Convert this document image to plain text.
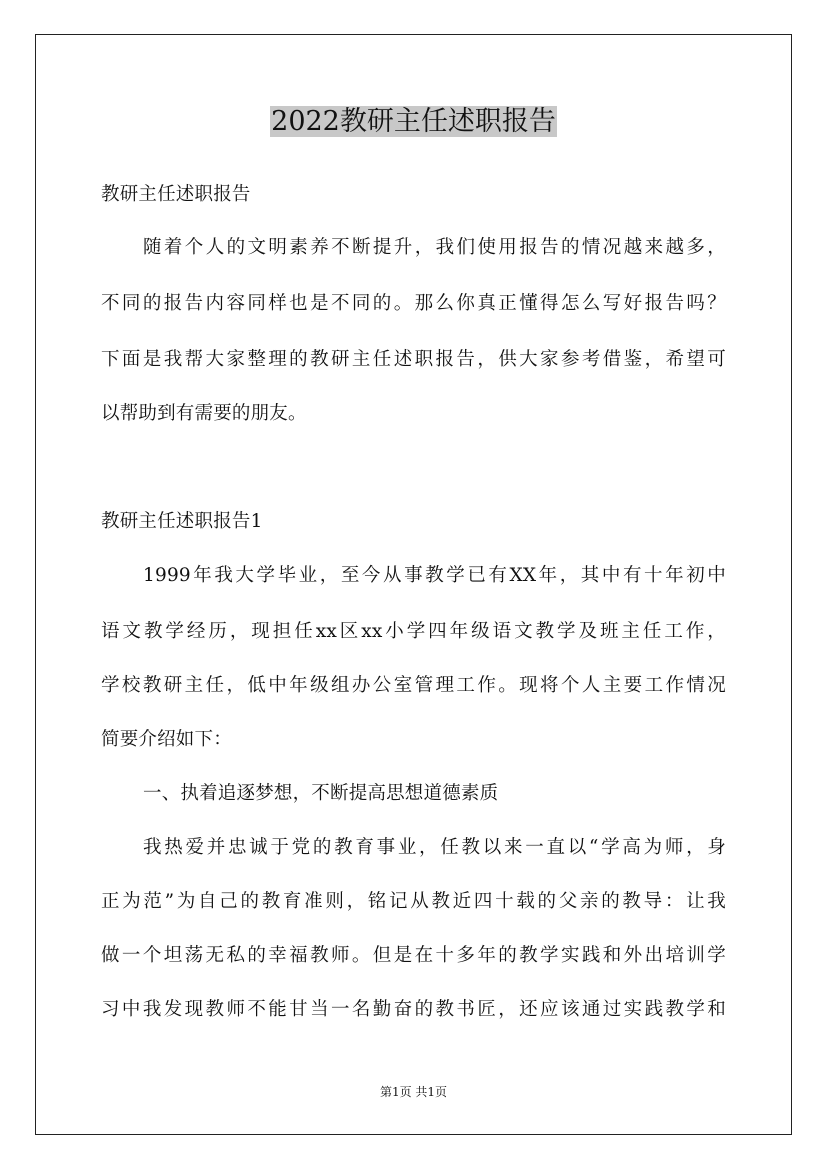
2022教研主任述职报告
教研主任述职报告
随着个人的文明素养不断提升，我们使用报告的情况越来越多，
不同的报告内容同样也是不同的。那么你真正懂得怎么写好报告吗？
下面是我帮大家整理的教研主任述职报告，供大家参考借鉴，希望可
以帮助到有需要的朋友。
教研主任述职报告1
1999年我大学毕业，至今从事教学已有XX年，其中有十年初中
语文教学经历，现担任xx区xx小学四年级语文教学及班主任工作，
学校教研主任，低中年级组办公室管理工作。现将个人主要工作情况
简要介绍如下：
一、执着追逐梦想，不断提高思想道德素质
我热爱并忠诚于党的教育事业，任教以来一直以“学高为师，身
正为范”为自己的教育准则，铭记从教近四十载的父亲的教导：让我
做一个坦荡无私的幸福教师。但是在十多年的教学实践和外出培训学
习中我发现教师不能甘当一名勤奋的教书匠，还应该通过实践教学和
第1页 共1页
